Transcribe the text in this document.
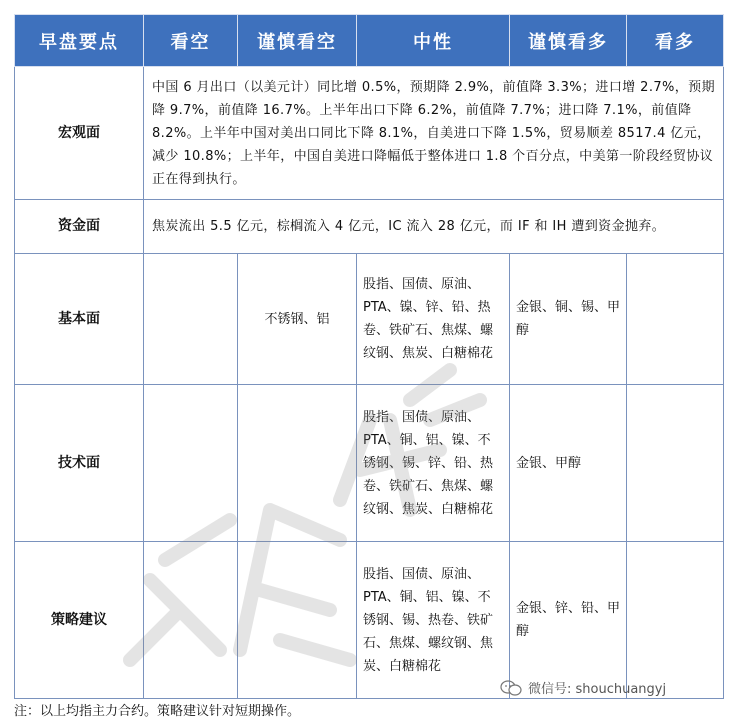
早盘要点	看空	谨慎看空	中性	谨慎看多	看多
宏观面	中国 6 月出口（以美元计）同比增 0.5%，预期降 2.9%，前值降 3.3%；进口增 2.7%，预期降 9.7%，前值降 16.7%。上半年出口下降 6.2%，前值降 7.7%；进口降 7.1%，前值降 8.2%。上半年中国对美出口同比下降 8.1%，自美进口下降 1.5%，贸易顺差 8517.4 亿元，减少 10.8%；上半年，中国自美进口降幅低于整体进口 1.8 个百分点，中美第一阶段经贸协议正在得到执行。				
资金面	焦炭流出 5.5 亿元，棕榈流入 4 亿元，IC 流入 28 亿元，而 IF 和 IH 遭到资金抛弃。				
基本面		不锈钢、铝	股指、国债、原油、PTA、镍、锌、铅、热卷、铁矿石、焦煤、螺纹钢、焦炭、白糖棉花	金银、铜、锡、甲醇	
技术面			股指、国债、原油、PTA、铜、铝、镍、不锈钢、锡、锌、铅、热卷、铁矿石、焦煤、螺纹钢、焦炭、白糖棉花	金银、甲醇	
策略建议			股指、国债、原油、PTA、铜、铝、镍、不锈钢、锡、热卷、铁矿石、焦煤、螺纹钢、焦炭、白糖棉花	金银、锌、铅、甲醇	
微信号: shouchuangyj
注：以上均指主力合约。策略建议针对短期操作。
